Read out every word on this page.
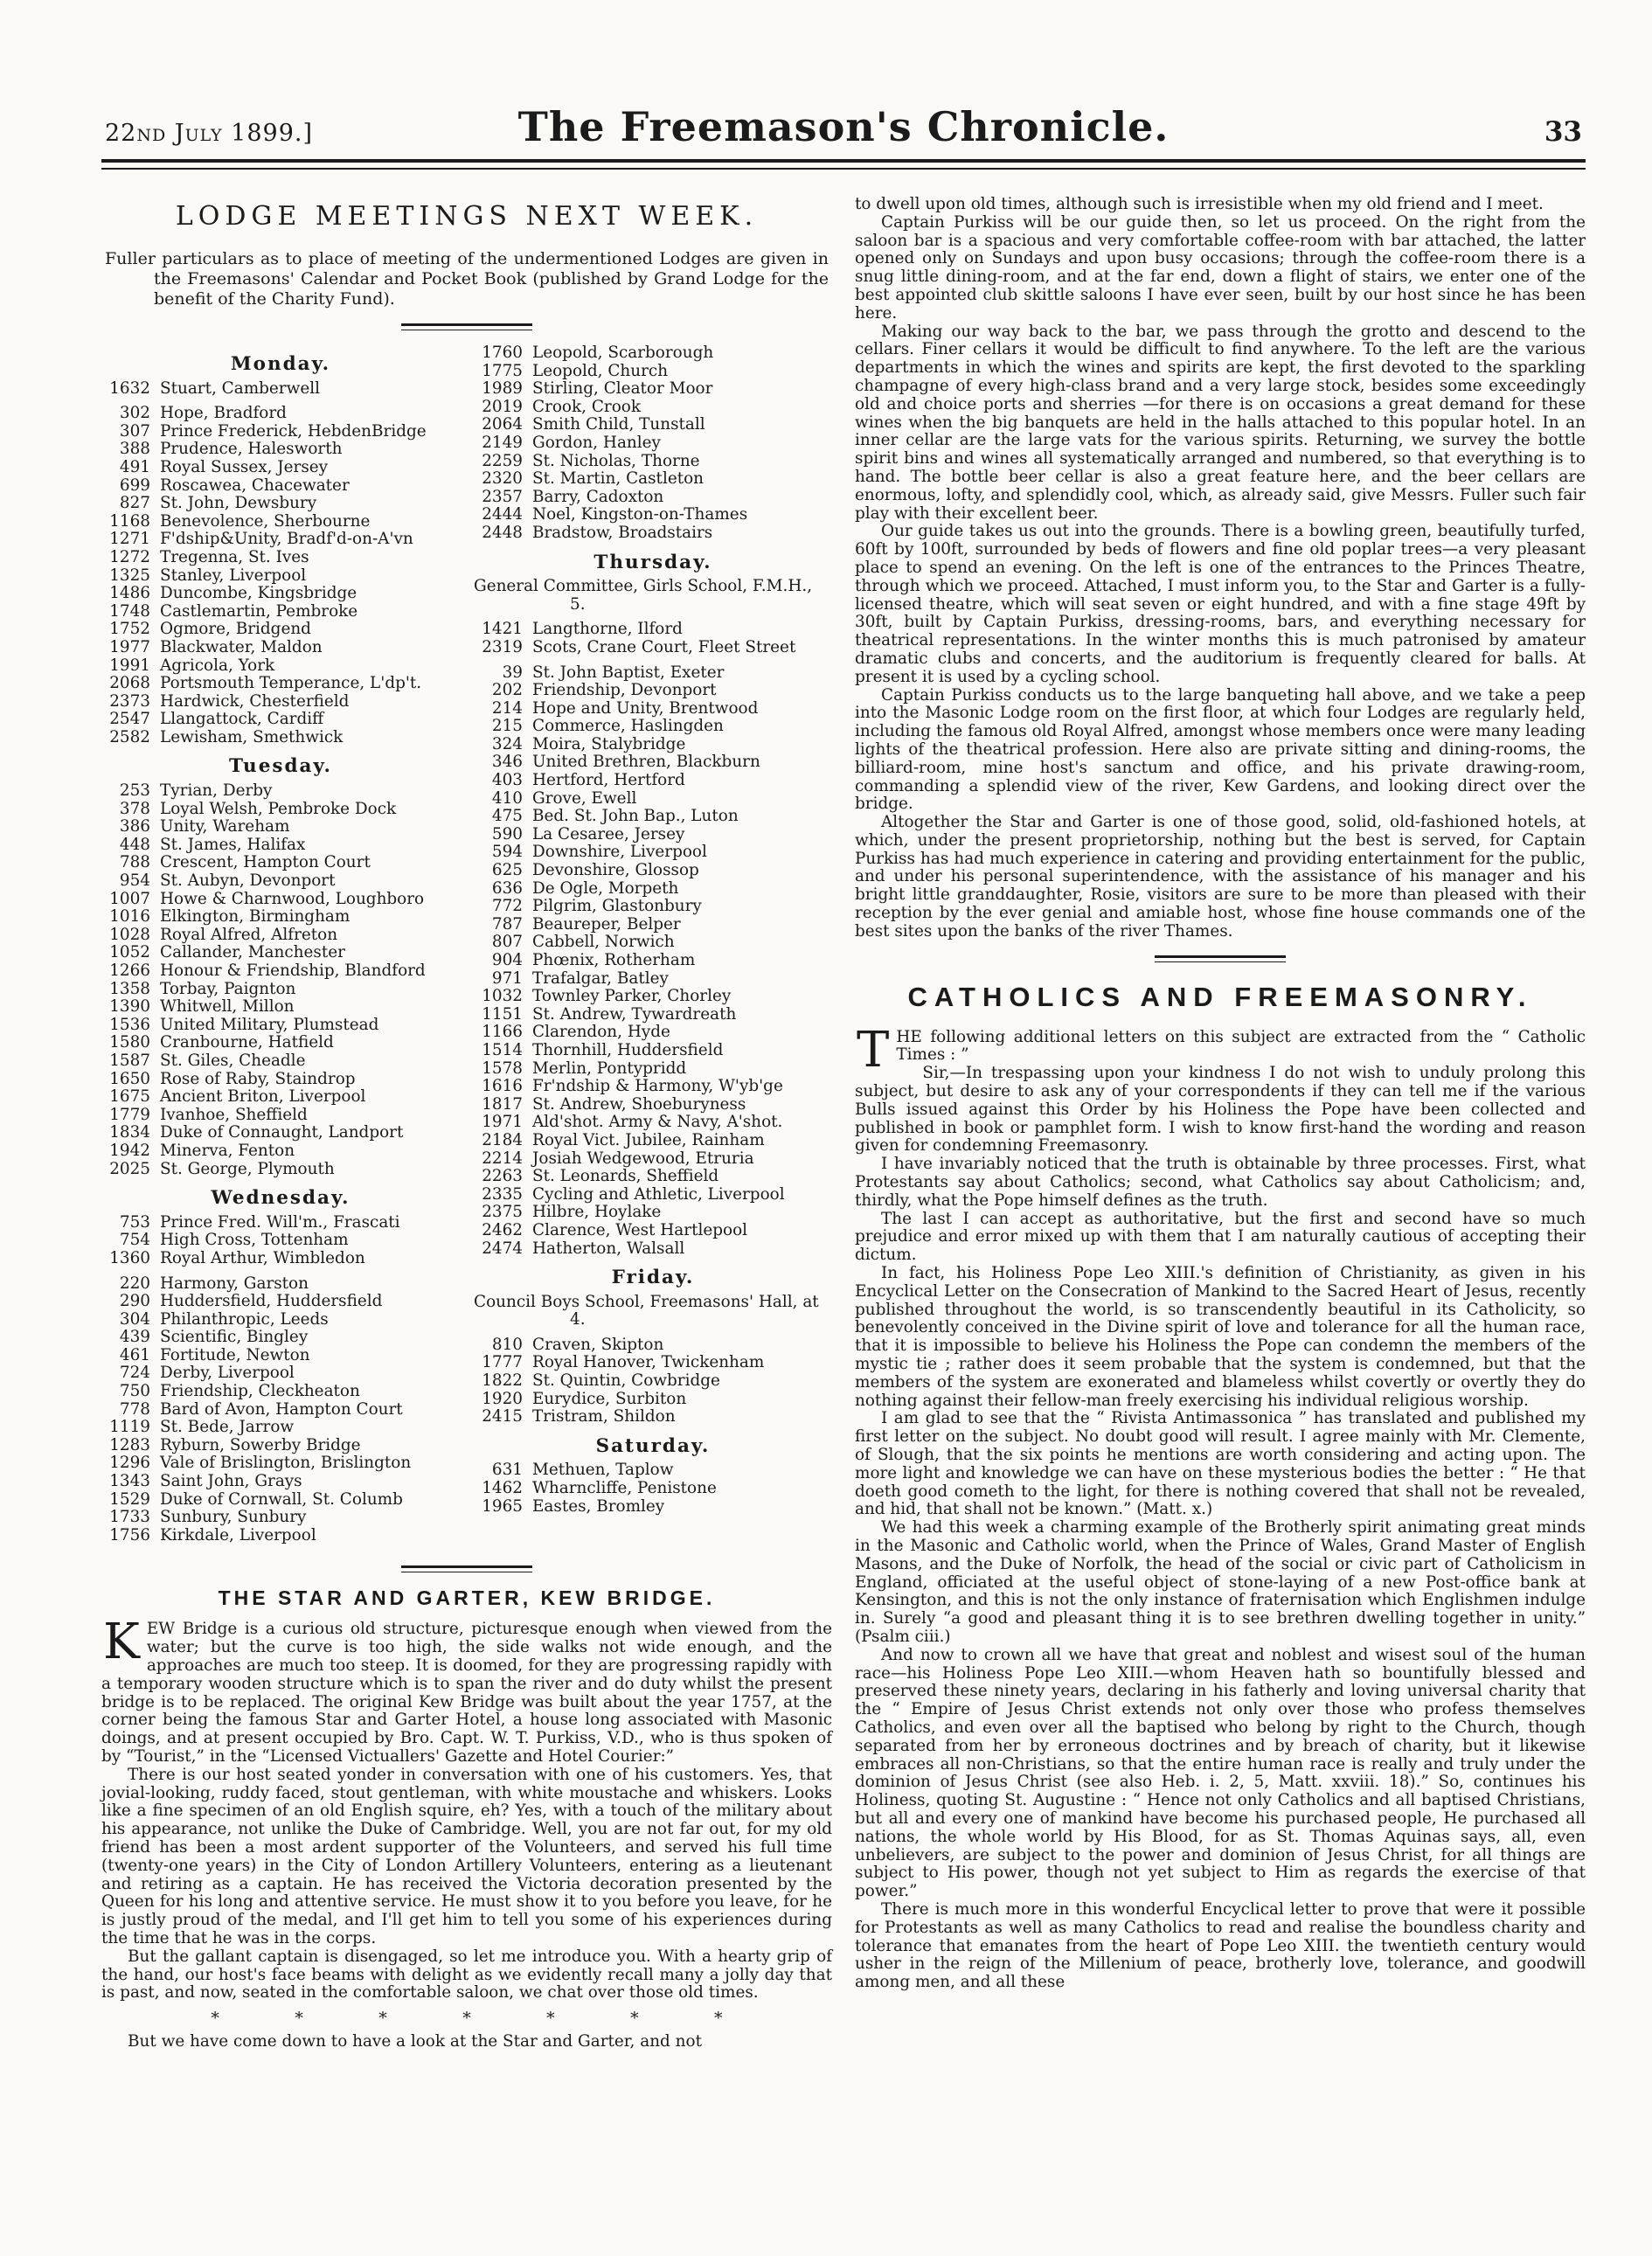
22nd July 1899.]	The Freemason's Chronicle.	33
LODGE MEETINGS NEXT WEEK.

Fuller particulars as to place of meeting of the undermentioned Lodges are given in the Freemasons' Calendar and Pocket Book (published by Grand Lodge for the benefit of the Charity Fund).

Monday.
1632 Stuart, Camberwell
302 Hope, Bradford
307 Prince Frederick, HebdenBridge
388 Prudence, Halesworth
491 Royal Sussex, Jersey
699 Roscawea, Chacewater
827 St. John, Dewsbury
1168 Benevolence, Sherbourne
1271 F'dship&Unity, Bradf'd-on-A'vn
1272 Tregenna, St. Ives
1325 Stanley, Liverpool
1486 Duncombe, Kingsbridge
1748 Castlemartin, Pembroke
1752 Ogmore, Bridgend
1977 Blackwater, Maldon
1991 Agricola, York
2068 Portsmouth Temperance, L'dp't.
2373 Hardwick, Chesterfield
2547 Llangattock, Cardiff
2582 Lewisham, Smethwick
Tuesday.
253 Tyrian, Derby
378 Loyal Welsh, Pembroke Dock
386 Unity, Wareham
448 St. James, Halifax
788 Crescent, Hampton Court
954 St. Aubyn, Devonport
1007 Howe & Charnwood, Loughboro
1016 Elkington, Birmingham
1028 Royal Alfred, Alfreton
1052 Callander, Manchester
1266 Honour & Friendship, Blandford
1358 Torbay, Paignton
1390 Whitwell, Millon
1536 United Military, Plumstead
1580 Cranbourne, Hatfield
1587 St. Giles, Cheadle
1650 Rose of Raby, Staindrop
1675 Ancient Briton, Liverpool
1779 Ivanhoe, Sheffield
1834 Duke of Connaught, Landport
1942 Minerva, Fenton
2025 St. George, Plymouth
Wednesday.
753 Prince Fred. Will'm., Frascati
754 High Cross, Tottenham
1360 Royal Arthur, Wimbledon
220 Harmony, Garston
290 Huddersfield, Huddersfield
304 Philanthropic, Leeds
439 Scientific, Bingley
461 Fortitude, Newton
724 Derby, Liverpool
750 Friendship, Cleckheaton
778 Bard of Avon, Hampton Court
1119 St. Bede, Jarrow
1283 Ryburn, Sowerby Bridge
1296 Vale of Brislington, Brislington
1343 Saint John, Grays
1529 Duke of Cornwall, St. Columb
1733 Sunbury, Sunbury
1756 Kirkdale, Liverpool
1760 Leopold, Scarborough
1775 Leopold, Church
1989 Stirling, Cleator Moor
2019 Crook, Crook
2064 Smith Child, Tunstall
2149 Gordon, Hanley
2259 St. Nicholas, Thorne
2320 St. Martin, Castleton
2357 Barry, Cadoxton
2444 Noel, Kingston-on-Thames
2448 Bradstow, Broadstairs
Thursday.
General Committee, Girls School, F.M.H., 5.
1421 Langthorne, Ilford
2319 Scots, Crane Court, Fleet Street
39 St. John Baptist, Exeter
202 Friendship, Devonport
214 Hope and Unity, Brentwood
215 Commerce, Haslingden
324 Moira, Stalybridge
346 United Brethren, Blackburn
403 Hertford, Hertford
410 Grove, Ewell
475 Bed. St. John Bap., Luton
590 La Cesaree, Jersey
594 Downshire, Liverpool
625 Devonshire, Glossop
636 De Ogle, Morpeth
772 Pilgrim, Glastonbury
787 Beaureper, Belper
807 Cabbell, Norwich
904 Phœnix, Rotherham
971 Trafalgar, Batley
1032 Townley Parker, Chorley
1151 St. Andrew, Tywardreath
1166 Clarendon, Hyde
1514 Thornhill, Huddersfield
1578 Merlin, Pontypridd
1616 Fr'ndship & Harmony, W'yb'ge
1817 St. Andrew, Shoeburyness
1971 Ald'shot. Army & Navy, A'shot.
2184 Royal Vict. Jubilee, Rainham
2214 Josiah Wedgewood, Etruria
2263 St. Leonards, Sheffield
2335 Cycling and Athletic, Liverpool
2375 Hilbre, Hoylake
2462 Clarence, West Hartlepool
2474 Hatherton, Walsall
Friday.
Council Boys School, Freemasons' Hall, at 4.
810 Craven, Skipton
1777 Royal Hanover, Twickenham
1822 St. Quintin, Cowbridge
1920 Eurydice, Surbiton
2415 Tristram, Shildon
Saturday.
631 Methuen, Taplow
1462 Wharncliffe, Penistone
1965 Eastes, Bromley
THE STAR AND GARTER, KEW BRIDGE.

KEW Bridge is a curious old structure, picturesque enough when viewed from the water; but the curve is too high, the side walks not wide enough, and the approaches are much too steep. It is doomed, for they are progressing rapidly with a temporary wooden structure which is to span the river and do duty whilst the present bridge is to be replaced. The original Kew Bridge was built about the year 1757, at the corner being the famous Star and Garter Hotel, a house long associated with Masonic doings, and at present occupied by Bro. Capt. W. T. Purkiss, V.D., who is thus spoken of by “Tourist,” in the “Licensed Victuallers' Gazette and Hotel Courier:”

There is our host seated yonder in conversation with one of his customers. Yes, that jovial-looking, ruddy faced, stout gentleman, with white moustache and whiskers. Looks like a fine specimen of an old English squire, eh? Yes, with a touch of the military about his appearance, not unlike the Duke of Cambridge. Well, you are not far out, for my old friend has been a most ardent supporter of the Volunteers, and served his full time (twenty-one years) in the City of London Artillery Volunteers, entering as a lieutenant and retiring as a captain. He has received the Victoria decoration presented by the Queen for his long and attentive service. He must show it to you before you leave, for he is justly proud of the medal, and I'll get him to tell you some of his experiences during the time that he was in the corps.

But the gallant captain is disengaged, so let me introduce you. With a hearty grip of the hand, our host's face beams with delight as we evidently recall many a jolly day that is past, and now, seated in the comfortable saloon, we chat over those old times.

*	*	*	*	*	*	*

But we have come down to have a look at the Star and Garter, and not

to dwell upon old times, although such is irresistible when my old friend and I meet.

Captain Purkiss will be our guide then, so let us proceed. On the right from the saloon bar is a spacious and very comfortable coffee-room with bar attached, the latter opened only on Sundays and upon busy occasions; through the coffee-room there is a snug little dining-room, and at the far end, down a flight of stairs, we enter one of the best appointed club skittle saloons I have ever seen, built by our host since he has been here.

Making our way back to the bar, we pass through the grotto and descend to the cellars. Finer cellars it would be difficult to find anywhere. To the left are the various departments in which the wines and spirits are kept, the first devoted to the sparkling champagne of every high-class brand and a very large stock, besides some exceedingly old and choice ports and sherries —for there is on occasions a great demand for these wines when the big banquets are held in the halls attached to this popular hotel. In an inner cellar are the large vats for the various spirits. Returning, we survey the bottle spirit bins and wines all systematically arranged and numbered, so that everything is to hand. The bottle beer cellar is also a great feature here, and the beer cellars are enormous, lofty, and splendidly cool, which, as already said, give Messrs. Fuller such fair play with their excellent beer.

Our guide takes us out into the grounds. There is a bowling green, beautifully turfed, 60ft by 100ft, surrounded by beds of flowers and fine old poplar trees—a very pleasant place to spend an evening. On the left is one of the entrances to the Princes Theatre, through which we proceed. Attached, I must inform you, to the Star and Garter is a fully-licensed theatre, which will seat seven or eight hundred, and with a fine stage 49ft by 30ft, built by Captain Purkiss, dressing-rooms, bars, and everything necessary for theatrical representations. In the winter months this is much patronised by amateur dramatic clubs and concerts, and the auditorium is frequently cleared for balls. At present it is used by a cycling school.

Captain Purkiss conducts us to the large banqueting hall above, and we take a peep into the Masonic Lodge room on the first floor, at which four Lodges are regularly held, including the famous old Royal Alfred, amongst whose members once were many leading lights of the theatrical profession. Here also are private sitting and dining-rooms, the billiard-room, mine host's sanctum and office, and his private drawing-room, commanding a splendid view of the river, Kew Gardens, and looking direct over the bridge.

Altogether the Star and Garter is one of those good, solid, old-fashioned hotels, at which, under the present proprietorship, nothing but the best is served, for Captain Purkiss has had much experience in catering and providing entertainment for the public, and under his personal superintendence, with the assistance of his manager and his bright little granddaughter, Rosie, visitors are sure to be more than pleased with their reception by the ever genial and amiable host, whose fine house commands one of the best sites upon the banks of the river Thames.

CATHOLICS AND FREEMASONRY.

THE following additional letters on this subject are extracted from the “ Catholic Times : ”

Sir,—In trespassing upon your kindness I do not wish to unduly prolong this subject, but desire to ask any of your correspondents if they can tell me if the various Bulls issued against this Order by his Holiness the Pope have been collected and published in book or pamphlet form. I wish to know first-hand the wording and reason given for condemning Freemasonry.

I have invariably noticed that the truth is obtainable by three processes. First, what Protestants say about Catholics; second, what Catholics say about Catholicism; and, thirdly, what the Pope himself defines as the truth.

The last I can accept as authoritative, but the first and second have so much prejudice and error mixed up with them that I am naturally cautious of accepting their dictum.

In fact, his Holiness Pope Leo XIII.'s definition of Christianity, as given in his Encyclical Letter on the Consecration of Mankind to the Sacred Heart of Jesus, recently published throughout the world, is so transcendently beautiful in its Catholicity, so benevolently conceived in the Divine spirit of love and tolerance for all the human race, that it is impossible to believe his Holiness the Pope can condemn the members of the mystic tie ; rather does it seem probable that the system is condemned, but that the members of the system are exonerated and blameless whilst covertly or overtly they do nothing against their fellow-man freely exercising his individual religious worship.

I am glad to see that the “ Rivista Antimassonica ” has translated and published my first letter on the subject. No doubt good will result. I agree mainly with Mr. Clemente, of Slough, that the six points he mentions are worth considering and acting upon. The more light and knowledge we can have on these mysterious bodies the better : “ He that doeth good cometh to the light, for there is nothing covered that shall not be revealed, and hid, that shall not be known.” (Matt. x.)

We had this week a charming example of the Brotherly spirit animating great minds in the Masonic and Catholic world, when the Prince of Wales, Grand Master of English Masons, and the Duke of Norfolk, the head of the social or civic part of Catholicism in England, officiated at the useful object of stone-laying of a new Post-office bank at Kensington, and this is not the only instance of fraternisation which Englishmen indulge in. Surely “a good and pleasant thing it is to see brethren dwelling together in unity.” (Psalm ciii.)

And now to crown all we have that great and noblest and wisest soul of the human race—his Holiness Pope Leo XIII.—whom Heaven hath so bountifully blessed and preserved these ninety years, declaring in his fatherly and loving universal charity that the “ Empire of Jesus Christ extends not only over those who profess themselves Catholics, and even over all the baptised who belong by right to the Church, though separated from her by erroneous doctrines and by breach of charity, but it likewise embraces all non-Christians, so that the entire human race is really and truly under the dominion of Jesus Christ (see also Heb. i. 2, 5, Matt. xxviii. 18).” So, continues his Holiness, quoting St. Augustine : “ Hence not only Catholics and all baptised Christians, but all and every one of mankind have become his purchased people, He purchased all nations, the whole world by His Blood, for as St. Thomas Aquinas says, all, even unbelievers, are subject to the power and dominion of Jesus Christ, for all things are subject to His power, though not yet subject to Him as regards the exercise of that power.”

There is much more in this wonderful Encyclical letter to prove that were it possible for Protestants as well as many Catholics to read and realise the boundless charity and tolerance that emanates from the heart of Pope Leo XIII. the twentieth century would usher in the reign of the Millenium of peace, brotherly love, tolerance, and goodwill among men, and all these
